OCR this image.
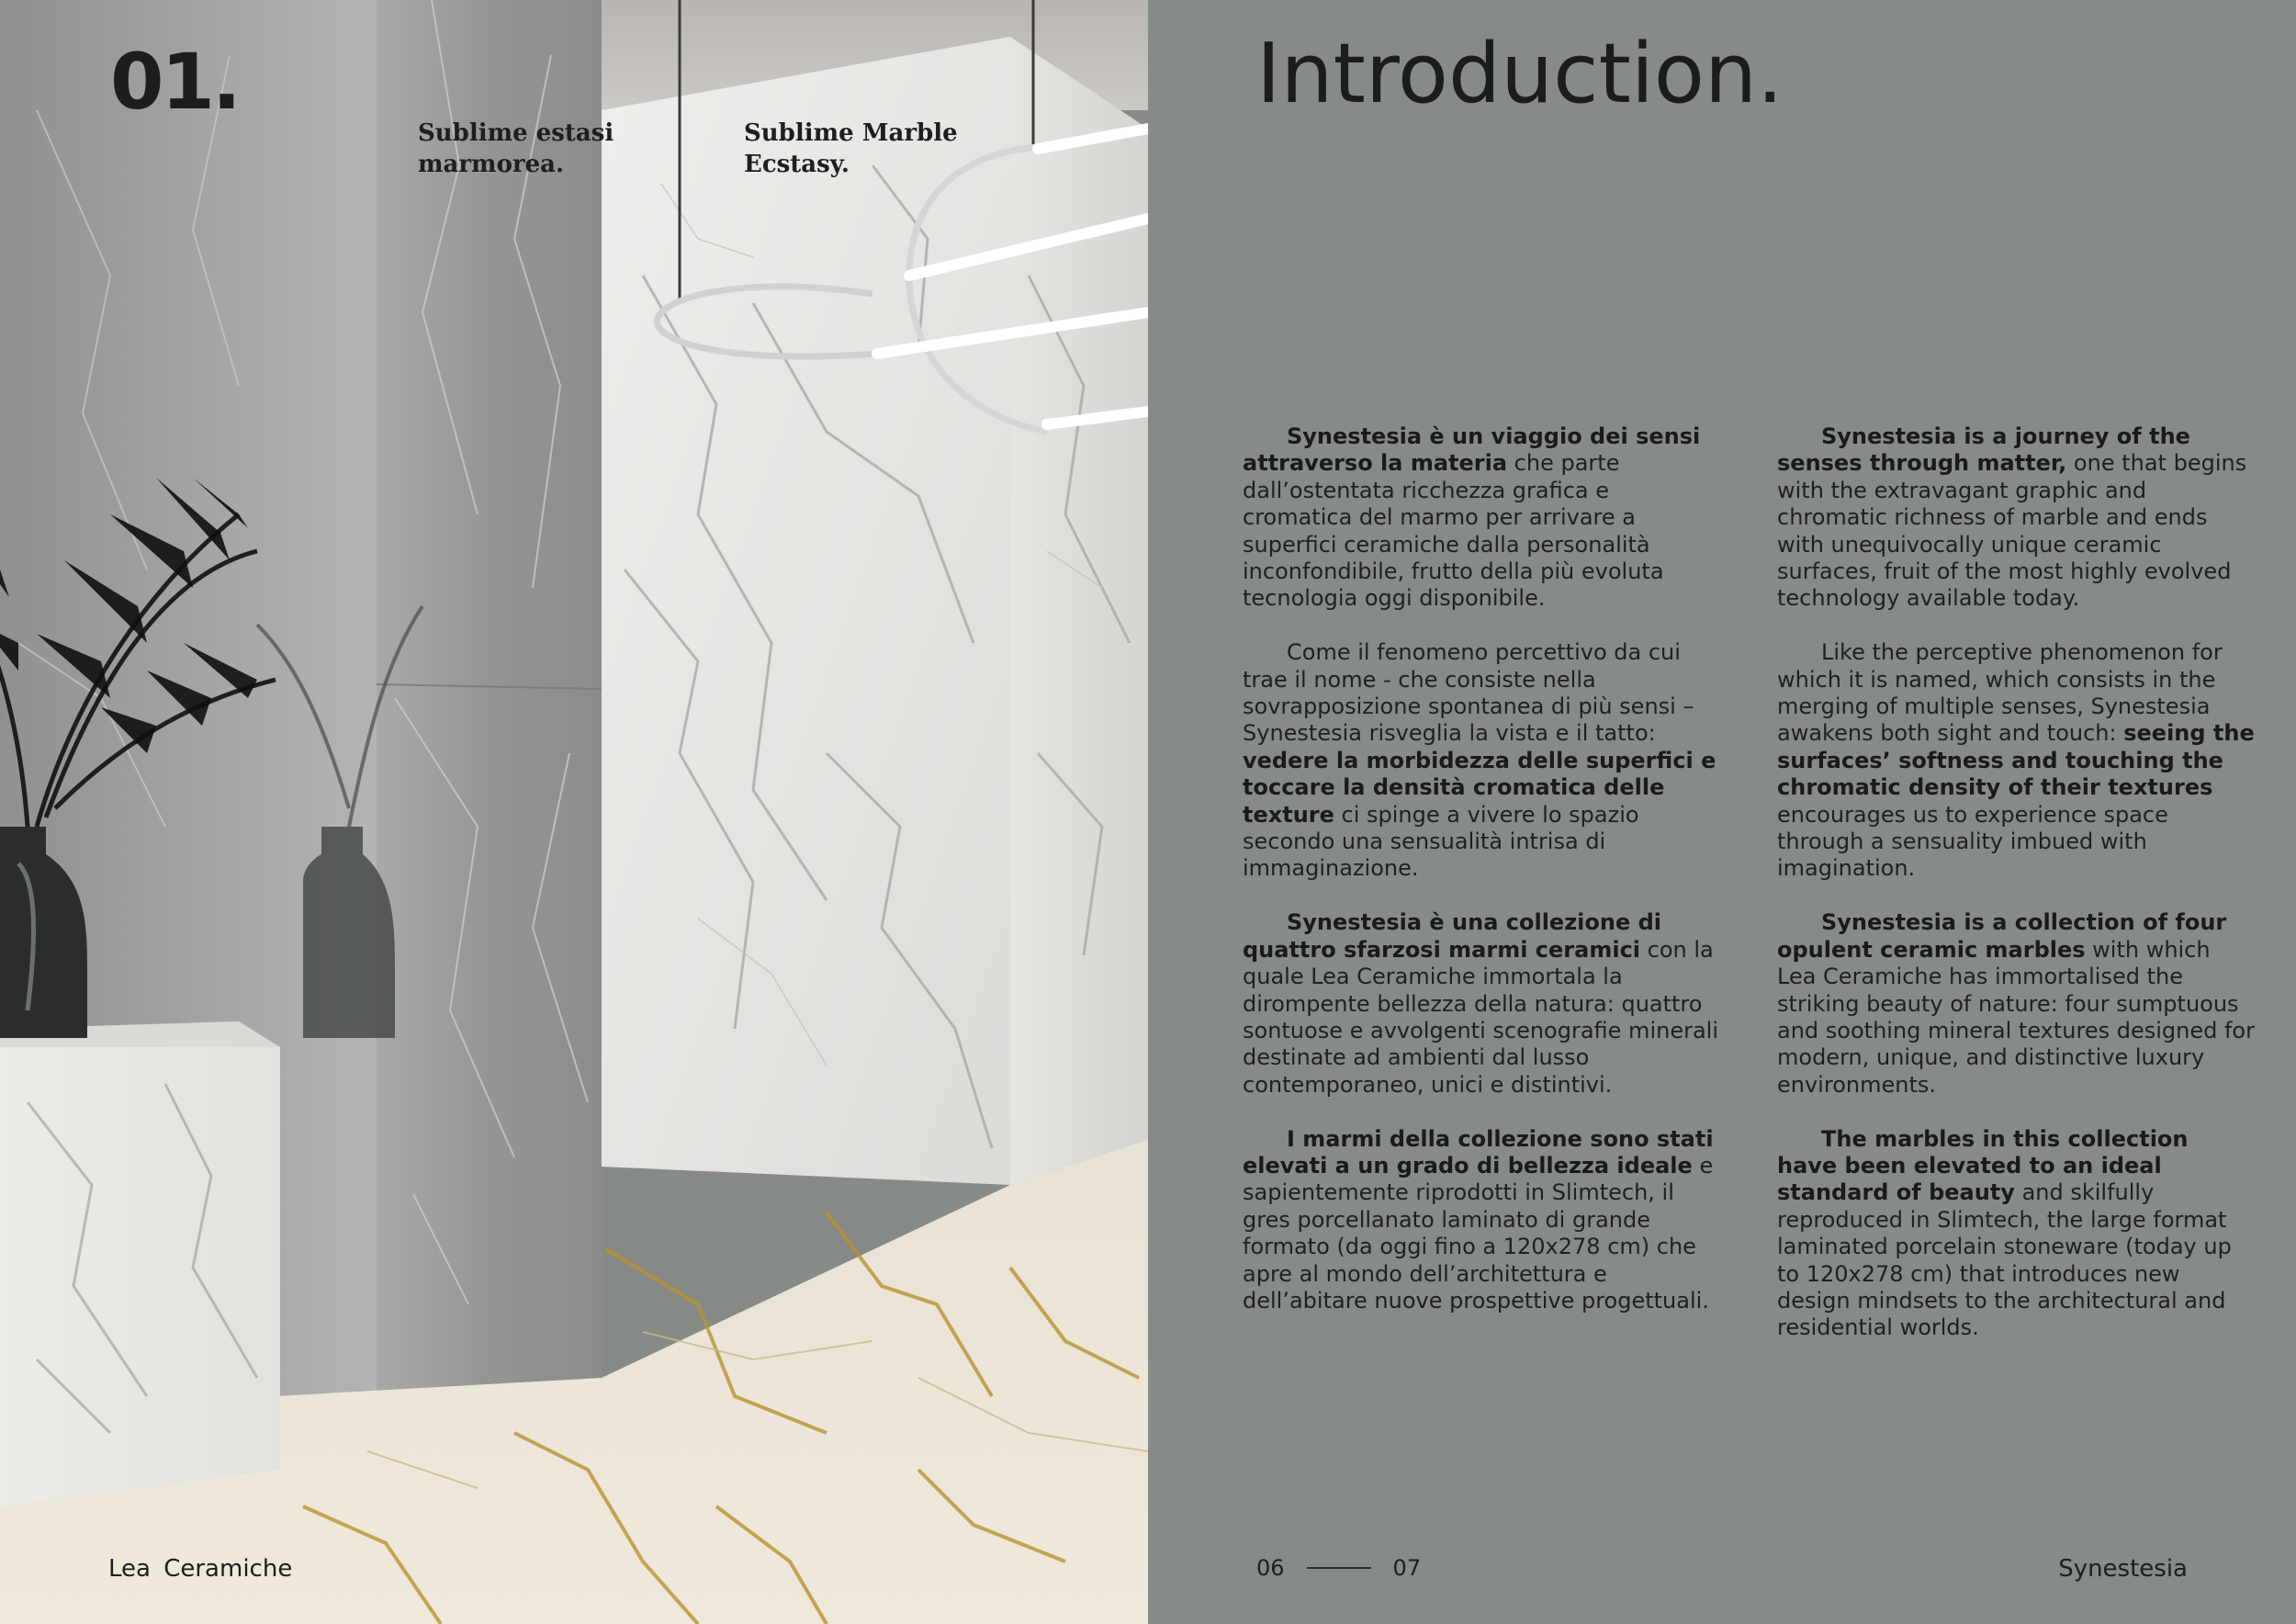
01.

Sublime estasi
marmorea.

Sublime Marble
Ecstasy.

Lea Ceramiche
Introduction.

Synestesia è un viaggio dei sensi attraverso la materia che parte dall’ostentata ricchezza grafica e cromatica del marmo per arrivare a superfici ceramiche dalla personalità inconfondibile, frutto della più evoluta tecnologia oggi disponibile.

Come il fenomeno percettivo da cui trae il nome - che consiste nella sovrapposizione spontanea di più sensi – Synestesia risveglia la vista e il tatto: vedere la morbidezza delle superfici e toccare la densità cromatica delle texture ci spinge a vivere lo spazio secondo una sensualità intrisa di immaginazione.

Synestesia è una collezione di quattro sfarzosi marmi ceramici con la quale Lea Ceramiche immortala la dirompente bellezza della natura: quattro sontuose e avvolgenti scenografie minerali destinate ad ambienti dal lusso contemporaneo, unici e distintivi.

I marmi della collezione sono stati elevati a un grado di bellezza ideale e sapientemente riprodotti in Slimtech, il gres porcellanato laminato di grande formato (da oggi fino a 120x278 cm) che apre al mondo dell’architettura e dell’abitare nuove prospettive progettuali.

Synestesia is a journey of the senses through matter, one that begins with the extravagant graphic and chromatic richness of marble and ends with unequivocally unique ceramic surfaces, fruit of the most highly evolved technology available today.

Like the perceptive phenomenon for which it is named, which consists in the merging of multiple senses, Synestesia awakens both sight and touch: seeing the surfaces’ softness and touching the chromatic density of their textures encourages us to experience space through a sensuality imbued with imagination.

Synestesia is a collection of four opulent ceramic marbles with which Lea Ceramiche has immortalised the striking beauty of nature: four sumptuous and soothing mineral textures designed for modern, unique, and distinctive luxury environments.

The marbles in this collection have been elevated to an ideal standard of beauty and skilfully reproduced in Slimtech, the large format laminated porcelain stoneware (today up to 120x278 cm) that introduces new design mindsets to the architectural and residential worlds.

06	07	Synestesia
